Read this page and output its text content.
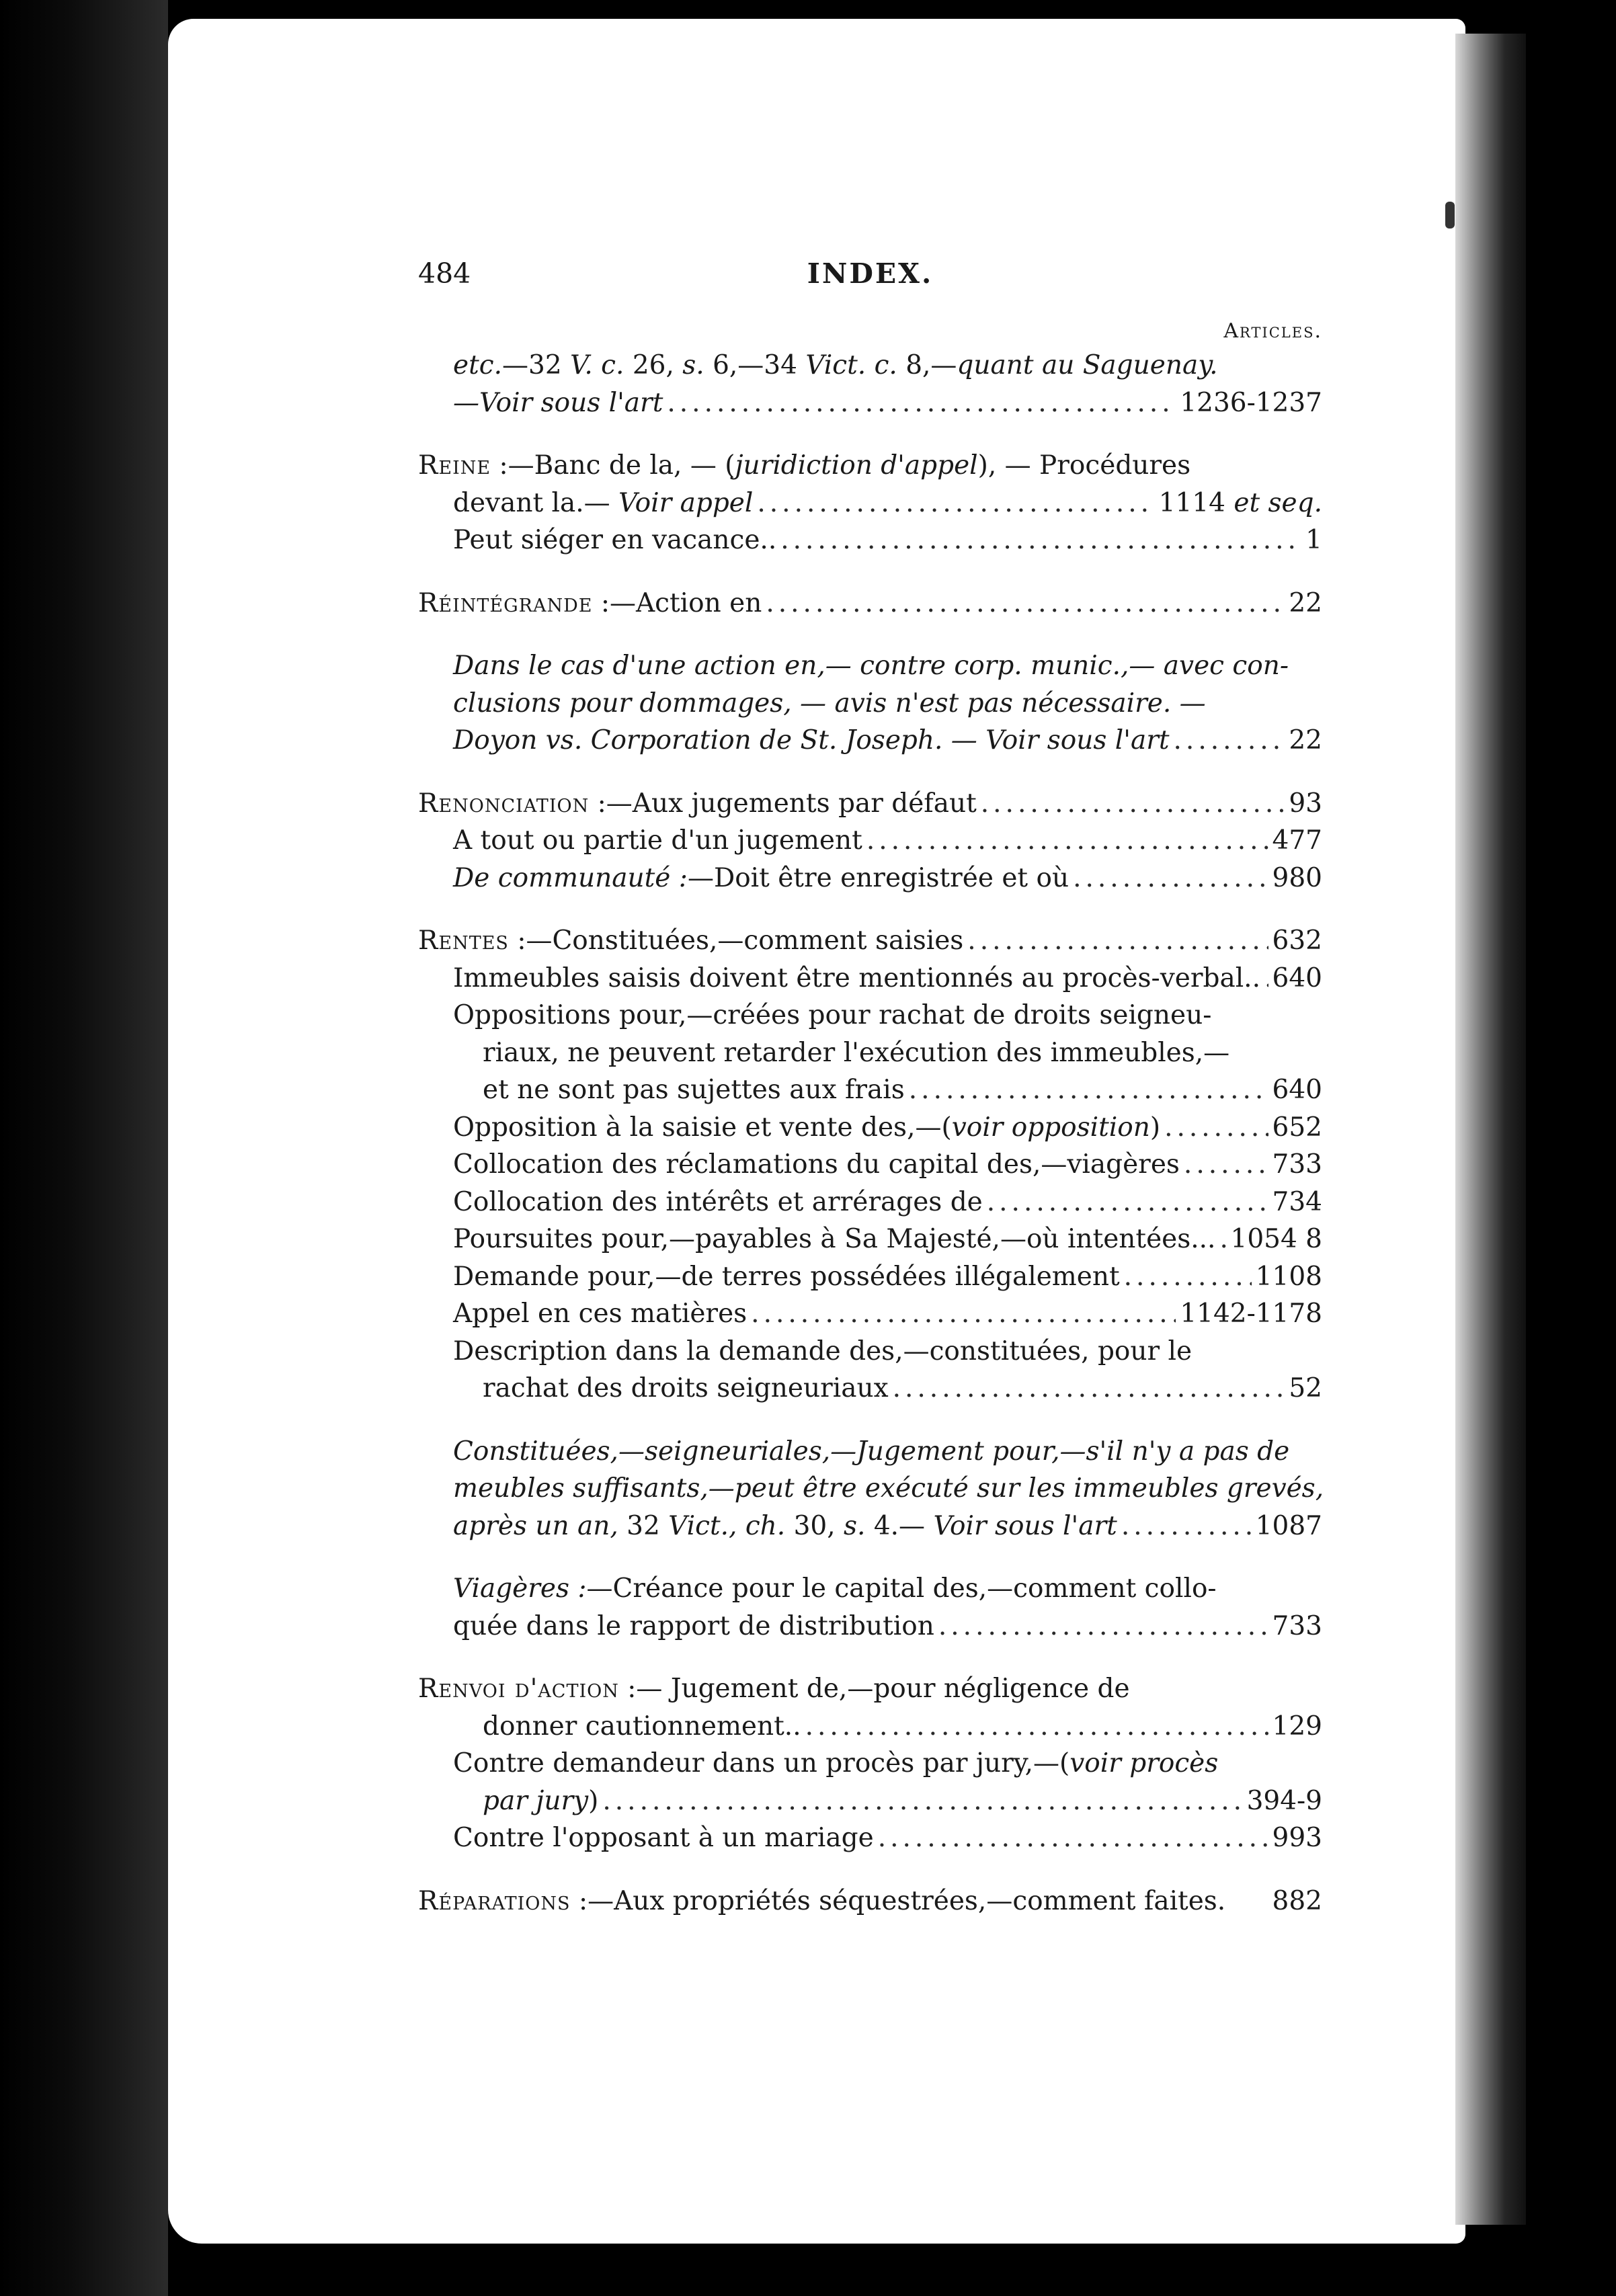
484	INDEX.
Articles.
etc.—32 V. c. 26, s. 6,—34 Vict. c. 8,—quant au Saguenay.
—Voir sous l'art .....	1236-1237
Reine :—Banc de la, — (juridiction d'appel), — Procédures
devant la.— Voir appel .....	1114 et seq.
Peut siéger en vacance.. .....	1
Réintégrande :—Action en .....	22
Dans le cas d'une action en,— contre corp. munic.,— avec con-
clusions pour dommages, — avis n'est pas nécessaire. —
Doyon vs. Corporation de St. Joseph. — Voir sous l'art .....	22
Renonciation :—Aux jugements par défaut .....	93
A tout ou partie d'un jugement .....	477
De communauté :—Doit être enregistrée et où .....	980
Rentes :—Constituées,—comment saisies .....	632
Immeubles saisis doivent être mentionnés au procès-verbal.. ..... 640
Oppositions pour,—créées pour rachat de droits seigneu-
riaux, ne peuvent retarder l'exécution des immeubles,—
et ne sont pas sujettes aux frais .....	640
Opposition à la saisie et vente des,—(voir opposition) .....	652
Collocation des réclamations du capital des,—viagères .....	733
Collocation des intérêts et arrérages de .....	734
Poursuites pour,—payables à Sa Majesté,—où intentées... ..... 1054 8
Demande pour,—de terres possédées illégalement .....	1108
Appel en ces matières .....	1142-1178
Description dans la demande des,—constituées, pour le
rachat des droits seigneuriaux .....	52
Constituées,—seigneuriales,—Jugement pour,—s'il n'y a pas de
meubles suffisants,—peut être exécuté sur les immeubles grevés,
après un an, 32 Vict., ch. 30, s. 4.— Voir sous l'art .....	1087
Viagères :—Créance pour le capital des,—comment collo-
quée dans le rapport de distribution .....	733
Renvoi d'action :— Jugement de,—pour négligence de
donner cautionnement.. .....	129
Contre demandeur dans un procès par jury,—(voir procès
par jury) .....	394-9
Contre l'opposant à un mariage .....	993
Réparations :—Aux propriétés séquestrées,—comment faites. 882
